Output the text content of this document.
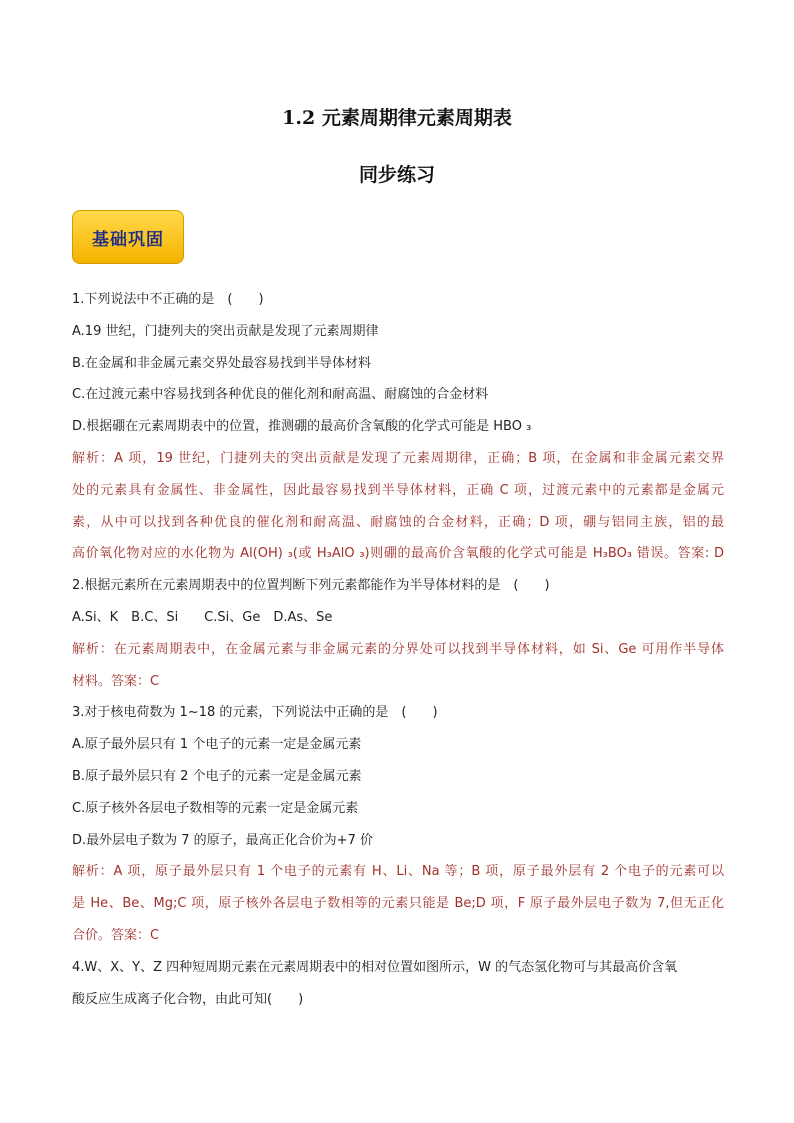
1.2 元素周期律元素周期表
同步练习
基础巩固
1.下列说法中不正确的是　(　　)
A.19 世纪，门捷列夫的突出贡献是发现了元素周期律
B.在金属和非金属元素交界处最容易找到半导体材料
C.在过渡元素中容易找到各种优良的催化剂和耐高温、耐腐蚀的合金材料
D.根据硼在元素周期表中的位置，推测硼的最高价含氧酸的化学式可能是 HBO ₃
解析：A 项，19 世纪，门捷列夫的突出贡献是发现了元素周期律，正确；B 项，在金属和非金属元素交界
处的元素具有金属性、非金属性，因此最容易找到半导体材料，正确 C 项，过渡元素中的元素都是金属元
素，从中可以找到各种优良的催化剂和耐高温、耐腐蚀的合金材料，正确；D 项，硼与铝同主族，铝的最
高价氧化物对应的水化物为 Al(OH) ₃(或 H₃AlO ₃)则硼的最高价含氧酸的化学式可能是 H₃BO₃ 错误。答案: D
2.根据元素所在元素周期表中的位置判断下列元素都能作为半导体材料的是　(　　)
A.Si、K　B.C、Si　　C.Si、Ge　D.As、Se
解析：在元素周期表中，在金属元素与非金属元素的分界处可以找到半导体材料，如 Si、Ge 可用作半导体
材料。答案：C
3.对于核电荷数为 1~18 的元素，下列说法中正确的是　(　　)
A.原子最外层只有 1 个电子的元素一定是金属元素
B.原子最外层只有 2 个电子的元素一定是金属元素
C.原子核外各层电子数相等的元素一定是金属元素
D.最外层电子数为 7 的原子，最高正化合价为+7 价
解析：A 项，原子最外层只有 1 个电子的元素有 H、Li、Na 等；B 项，原子最外层有 2 个电子的元素可以
是 He、Be、Mg;C 项，原子核外各层电子数相等的元素只能是 Be;D 项，F 原子最外层电子数为 7,但无正化
合价。答案：C
4.W、X、Y、Z 四种短周期元素在元素周期表中的相对位置如图所示，W 的气态氢化物可与其最高价含氧
酸反应生成离子化合物，由此可知(　　)
